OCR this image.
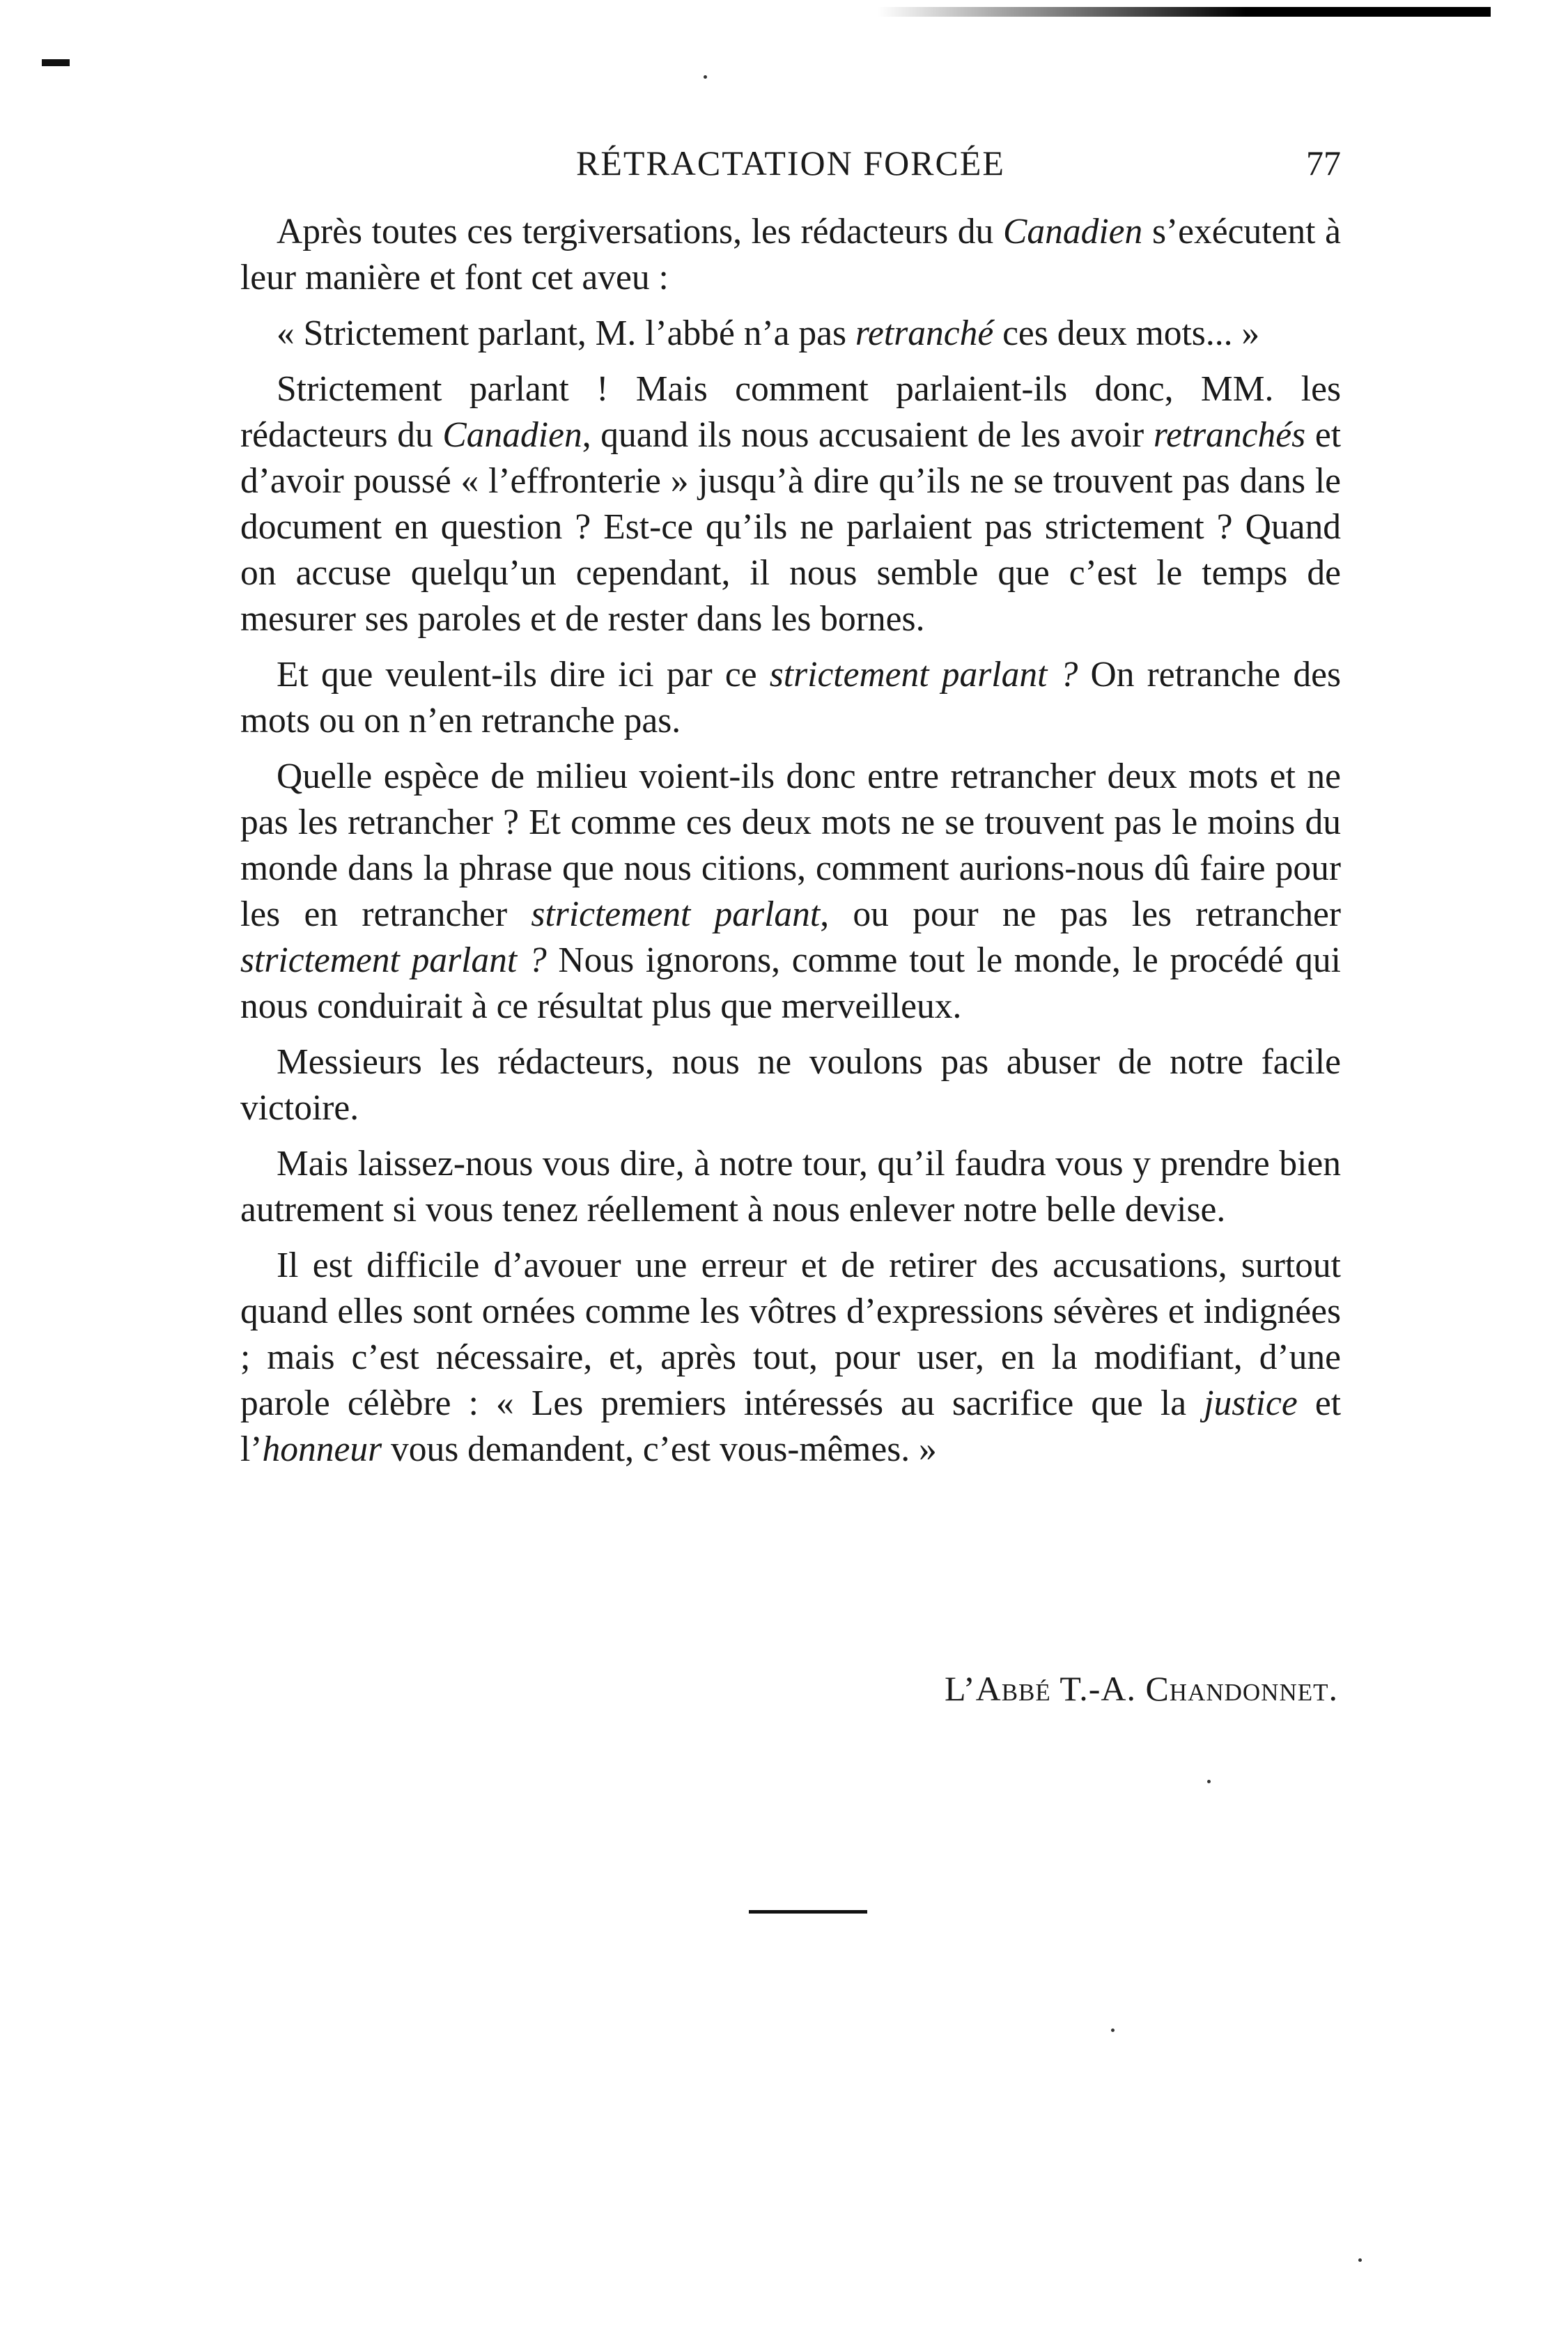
RÉTRACTATION FORCÉE	77

Après toutes ces tergiversations, les rédacteurs du Canadien s’exécutent à leur manière et font cet aveu :

« Strictement parlant, M. l’abbé n’a pas retranché ces deux mots... »

Strictement parlant ! Mais comment parlaient-ils donc, MM. les rédacteurs du Canadien, quand ils nous accusaient de les avoir retranchés et d’avoir poussé « l’effronterie » jusqu’à dire qu’ils ne se trouvent pas dans le document en question ? Est-ce qu’ils ne parlaient pas strictement ? Quand on accuse quelqu’un cependant, il nous semble que c’est le temps de mesurer ses paroles et de rester dans les bornes.

Et que veulent-ils dire ici par ce strictement parlant ? On retranche des mots ou on n’en retranche pas.

Quelle espèce de milieu voient-ils donc entre retrancher deux mots et ne pas les retrancher ? Et comme ces deux mots ne se trouvent pas le moins du monde dans la phrase que nous citions, comment aurions-nous dû faire pour les en retrancher strictement parlant, ou pour ne pas les retrancher strictement parlant ? Nous ignorons, comme tout le monde, le procédé qui nous conduirait à ce résultat plus que merveilleux.

Messieurs les rédacteurs, nous ne voulons pas abuser de notre facile victoire.

Mais laissez-nous vous dire, à notre tour, qu’il faudra vous y prendre bien autrement si vous tenez réellement à nous enlever notre belle devise.

Il est difficile d’avouer une erreur et de retirer des accusations, surtout quand elles sont ornées comme les vôtres d’expressions sévères et indignées ; mais c’est nécessaire, et, après tout, pour user, en la modifiant, d’une parole célèbre : « Les premiers intéressés au sacrifice que la justice et l’honneur vous demandent, c’est vous-mêmes. »

L’Abbé T.-A. Chandonnet.
